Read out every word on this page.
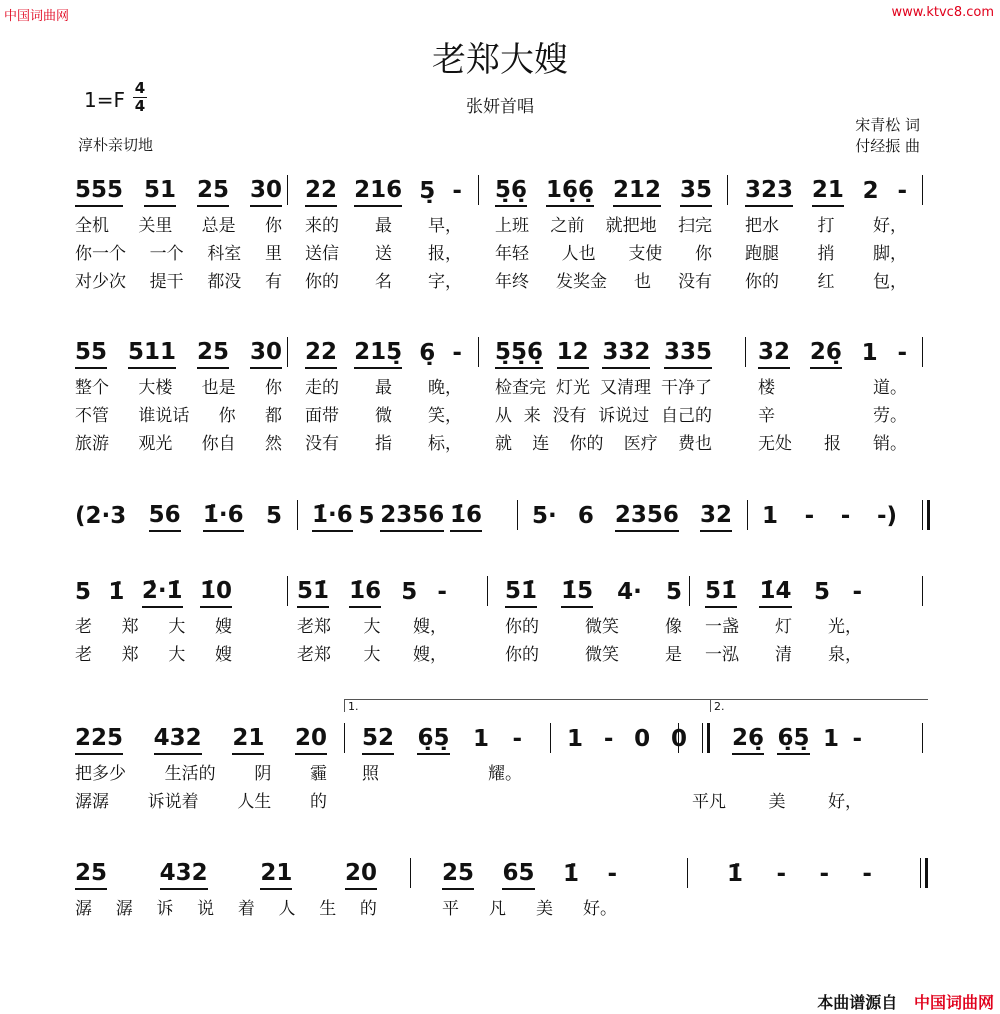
中国词曲网	www.ktvc8.com
老郑大嫂
1=F 4
4	张妍首唱
淳朴亲切地
宋青松 词
付经振 曲
555 51 25 30
全机 关里 总是 你
你一个 一个 科室 里
对少次 提干 都没 有
22 216 5̣ -
来的 最 早，
送信 送 报，
你的 名 字，
5̣6̣ 16̣6̣ 212 35
上班 之前 就把地 扫完
年轻 人也 支使 你
年终 发奖金 也 没有
323 21 2 -
把水 打 好，
跑腿 捎 脚，
你的 红 包，
55 511 25 30
整个 大楼 也是 你
不管 谁说话 你 都
旅游 观光 你自 然
22 215̣ 6̣ -
走的 最 晚，
面带 微 笑，
没有 指 标，
5̣5̣6̣ 12 332 335
检查完 灯光 又清理 干净了
从 来 没有 诉说过 自己的
就 连 你的 医疗 费也
32 26̣ 1 -
楼	道。
辛	劳。
无处 报 销。
(2·3 56 1̇·6 5 1̇·6 5 2356 1̇6 5· 6 2356 32 1 - - -)
5 1̇ 2̇·1̇ 1̇0
老 郑 大 嫂
老 郑 大 嫂
51̇ 1̇6 5 -
老郑 大 嫂，
老郑 大 嫂，
51̇ 1̇5 4· 5
你的	微笑	像
你的	微笑	是
51̇ 1̇4 5 -
一盏 灯 光，
一泓 清 泉，
225 432 21 20
把多少 生活的 阴 霾
潺潺 诉说着 人生 的
52 6̣5̣ 1 -
照	耀。
1 - 0 0 26̣ 6̣5̣ 1 -
平凡	美	好，
1.	2.
25 432 21 20
潺 潺 诉 说 着 人 生 的
25 65 1̇ -
平 凡 美 好。
1̇ - - -
本曲谱源自 中国词曲网
